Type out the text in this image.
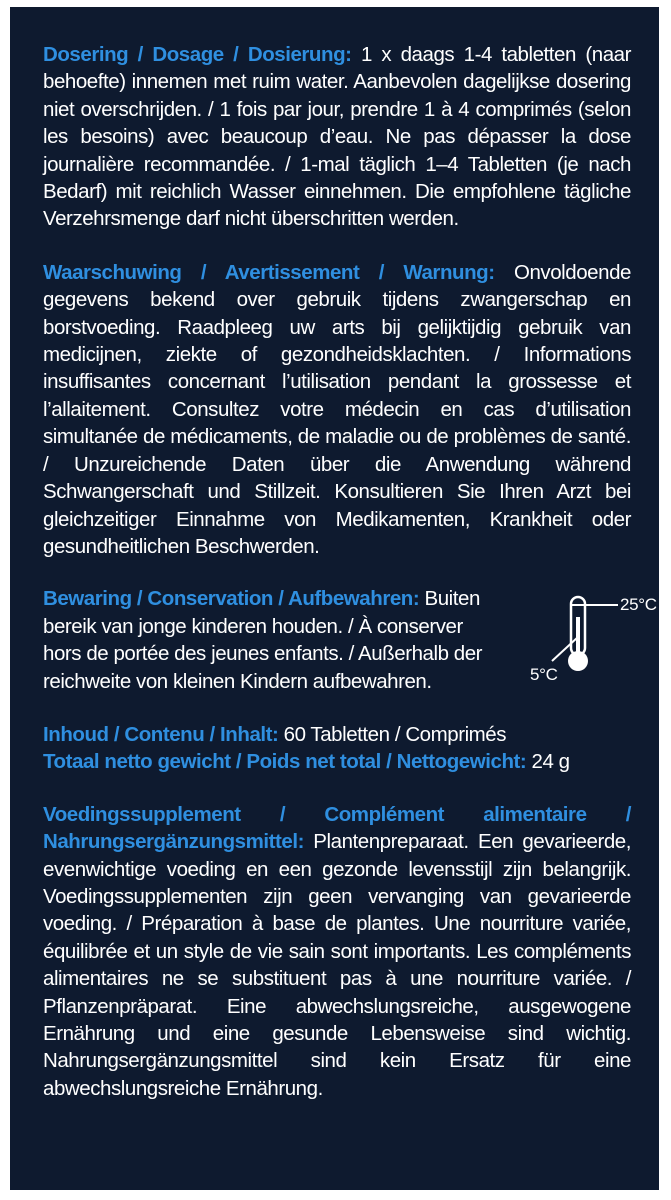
Dosering / Dosage / Dosierung: 1 x daags 1-4 tabletten (naar behoefte) innemen met ruim water. Aanbevolen dagelijkse dosering niet overschrijden. / 1 fois par jour, prendre 1 à 4 comprimés (selon les besoins) avec beaucoup d’eau. Ne pas dépasser la dose journalière recommandée. / 1-mal täglich 1–4 Tabletten (je nach Bedarf) mit reichlich Wasser einnehmen. Die empfohlene tägliche Verzehrsmenge darf nicht überschritten werden.

Waarschuwing / Avertissement / Warnung: Onvoldoende gegevens bekend over gebruik tijdens zwangerschap en borstvoeding. Raadpleeg uw arts bij gelijktijdig gebruik van medicijnen, ziekte of gezondheidsklachten. / Informations insuffisantes concernant l’utilisation pendant la grossesse et l’allaitement. Consultez votre médecin en cas d’utilisation simultanée de médicaments, de maladie ou de problèmes de santé. / Unzureichende Daten über die Anwendung während Schwangerschaft und Stillzeit. Konsultieren Sie Ihren Arzt bei gleichzeitiger Einnahme von Medikamenten, Krankheit oder gesundheitlichen Beschwerden.

Bewaring / Conservation / Aufbewahren: Buiten bereik van jonge kinderen houden. / À conserver hors de portée des jeunes enfants. / Außerhalb der reichweite von kleinen Kindern aufbewahren.
25°C
5°C
Inhoud / Contenu / Inhalt: 60 Tabletten / Comprimés
Totaal netto gewicht / Poids net total / Nettogewicht: 24 g

Voedingssupplement / Complément alimentaire / Nahrungsergänzungsmittel: Plantenpreparaat. Een gevarieerde, evenwichtige voeding en een gezonde levensstijl zijn belangrijk. Voedingssupplementen zijn geen vervanging van gevarieerde voeding. / Préparation à base de plantes. Une nourriture variée, équilibrée et un style de vie sain sont importants. Les compléments alimentaires ne se substituent pas à une nourriture variée. / Pflanzenpräparat. Eine abwechslungsreiche, ausgewogene Ernährung und eine gesunde Lebensweise sind wichtig. Nahrungsergänzungsmittel sind kein Ersatz für eine abwechslungsreiche Ernährung.
